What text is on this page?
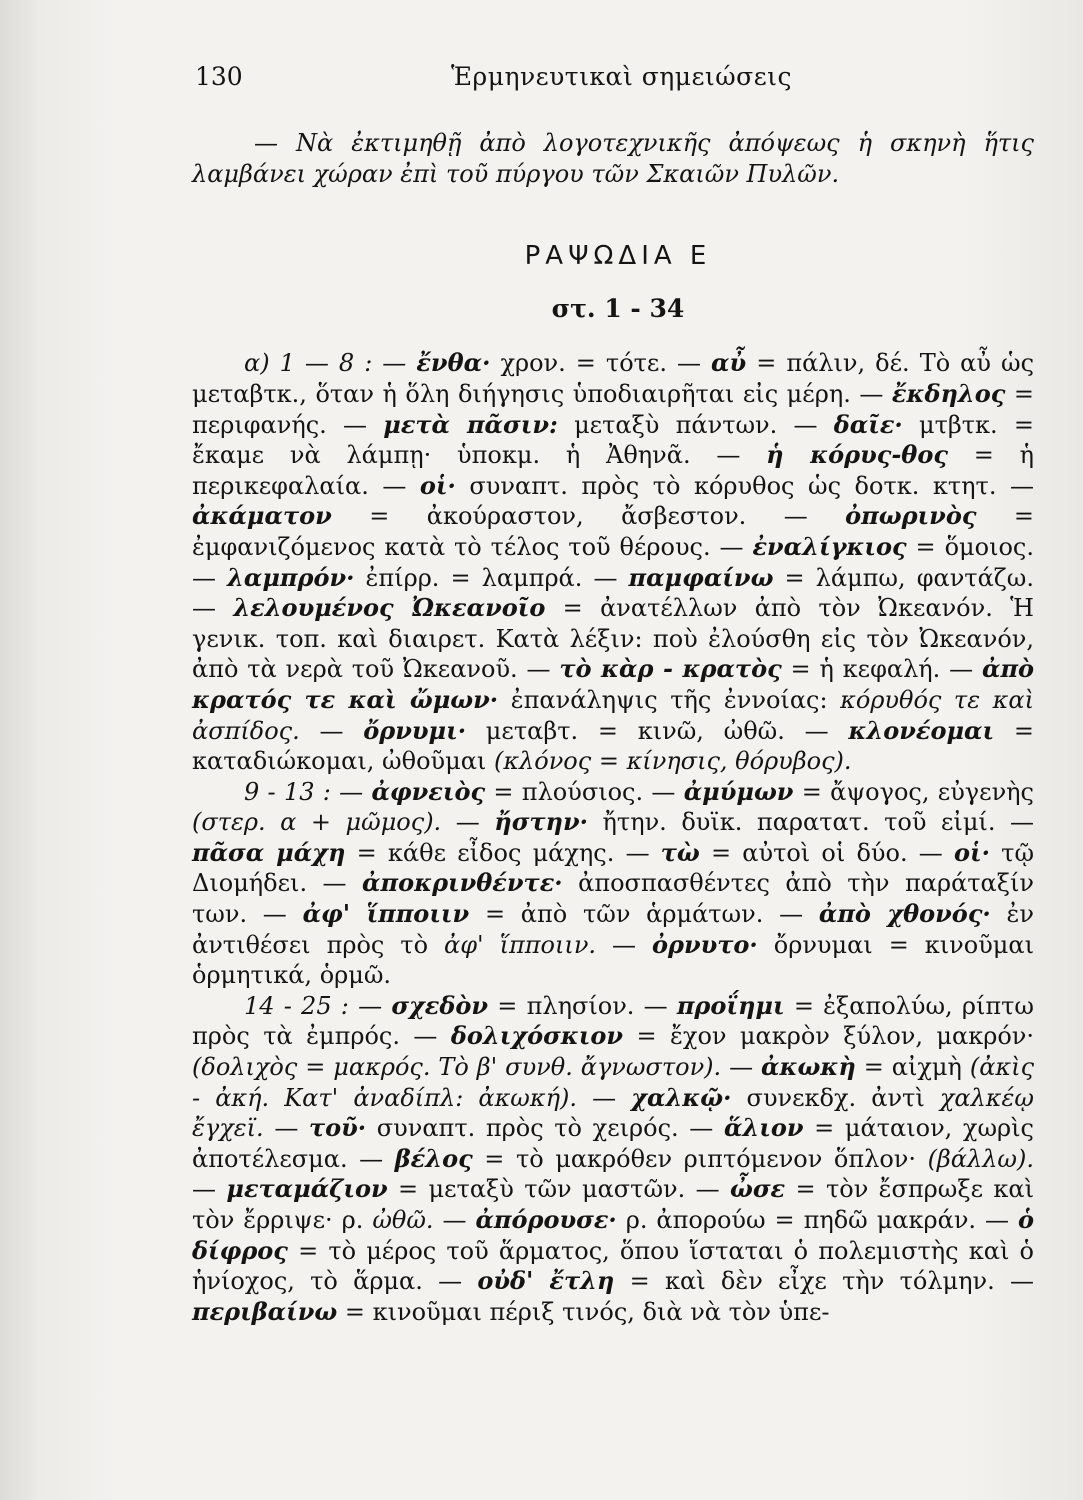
130	Ἑρμηνευτικαὶ σημειώσεις

— Νὰ ἐκτιμηθῇ ἀπὸ λογοτεχνικῆς ἀπόψεως ἡ σκηνὴ ἥτις λαμβάνει χώραν ἐπὶ τοῦ πύργου τῶν Σκαιῶν Πυλῶν.

ΡΑΨΩΔΙΑ Ε

στ. 1 - 34

α) 1 — 8 : — ἔνθα· χρον. = τότε. — αὖ = πάλιν, δέ. Τὸ αὖ ὡς μεταβτκ., ὅταν ἡ ὅλη διήγησις ὑποδιαιρῆται εἰς μέρη. — ἔκδηλος = περιφανής. — μετὰ πᾶσιν: μεταξὺ πάντων. — δαῖε· μτβτκ. = ἔκαμε νὰ λάμπῃ· ὑποκμ. ἡ Ἀθηνᾶ. — ἡ κόρυς-θος = ἡ περικεφαλαία. — οἱ· συναπτ. πρὸς τὸ κόρυθος ὡς δοτκ. κτητ. — ἀκάματον = ἀκούραστον, ἄσβεστον. — ὀπωρινὸς = ἐμφανιζόμενος κατὰ τὸ τέλος τοῦ θέρους. — ἐναλίγκιος = ὅμοιος. — λαμπρόν· ἐπίρρ. = λαμπρά. — παμφαίνω = λάμπω, φαντάζω. — λελουμένος Ὠκεανοῖο = ἀνατέλλων ἀπὸ τὸν Ὠκεανόν. Ἡ γενικ. τοπ. καὶ διαιρετ. Κατὰ λέξιν: ποὺ ἐλούσθη εἰς τὸν Ὠκεανόν, ἀπὸ τὰ νερὰ τοῦ Ὠκεανοῦ. — τὸ κὰρ - κρατὸς = ἡ κεφαλή. — ἀπὸ κρατός τε καὶ ὤμων· ἐπανάληψις τῆς ἐννοίας: κόρυθός τε καὶ ἀσπίδος. — ὄρνυμι· μεταβτ. = κινῶ, ὠθῶ. — κλονέομαι = καταδιώκομαι, ὠθοῦμαι (κλόνος = κίνησις, θόρυβος).

9 - 13 : — ἀφνειὸς = πλούσιος. — ἀμύμων = ἄψογος, εὐγενὴς (στερ. α + μῶμος). — ἤστην· ἤτην. δυϊκ. παρατατ. τοῦ εἰμί. — πᾶσα μάχη = κάθε εἶδος μάχης. — τὼ = αὐτοὶ οἱ δύο. — οἱ· τῷ Διομήδει. — ἀποκρινθέντε· ἀποσπασθέντες ἀπὸ τὴν παράταξίν των. — ἀφ' ἵπποιιν = ἀπὸ τῶν ἁρμάτων. — ἀπὸ χθονός· ἐν ἀντιθέσει πρὸς τὸ ἀφ' ἵπποιιν. — ὀρνυτο· ὄρνυμαι = κινοῦμαι ὁρμητικά, ὁρμῶ.

14 - 25 : — σχεδὸν = πλησίον. — προΐημι = ἐξαπολύω, ρίπτω πρὸς τὰ ἐμπρός. — δολιχόσκιον = ἔχον μακρὸν ξύλον, μακρόν· (δολιχὸς = μακρός. Τὸ β' συνθ. ἄγνωστον). — ἀκωκὴ = αἰχμὴ (ἀκὶς - ἀκή. Κατ' ἀναδίπλ: ἀκωκή). — χαλκῷ· συνεκδχ. ἀντὶ χαλκέῳ ἔγχεϊ. — τοῦ· συναπτ. πρὸς τὸ χειρός. — ἅλιον = μάταιον, χωρὶς ἀποτέλεσμα. — βέλος = τὸ μακρόθεν ριπτόμενον ὅπλον· (βάλλω). — μεταμάζιον = μεταξὺ τῶν μαστῶν. — ὦσε = τὸν ἔσπρωξε καὶ τὸν ἔρριψε· ρ. ὠθῶ. — ἀπόρουσε· ρ. ἀπορούω = πηδῶ μακράν. — ὁ δίφρος = τὸ μέρος τοῦ ἅρματος, ὅπου ἵσταται ὁ πολεμιστὴς καὶ ὁ ἡνίοχος, τὸ ἅρμα. — οὐδ' ἔτλη = καὶ δὲν εἶχε τὴν τόλμην. — περιβαίνω = κινοῦμαι πέριξ τινός, διὰ νὰ τὸν ὑπε-
